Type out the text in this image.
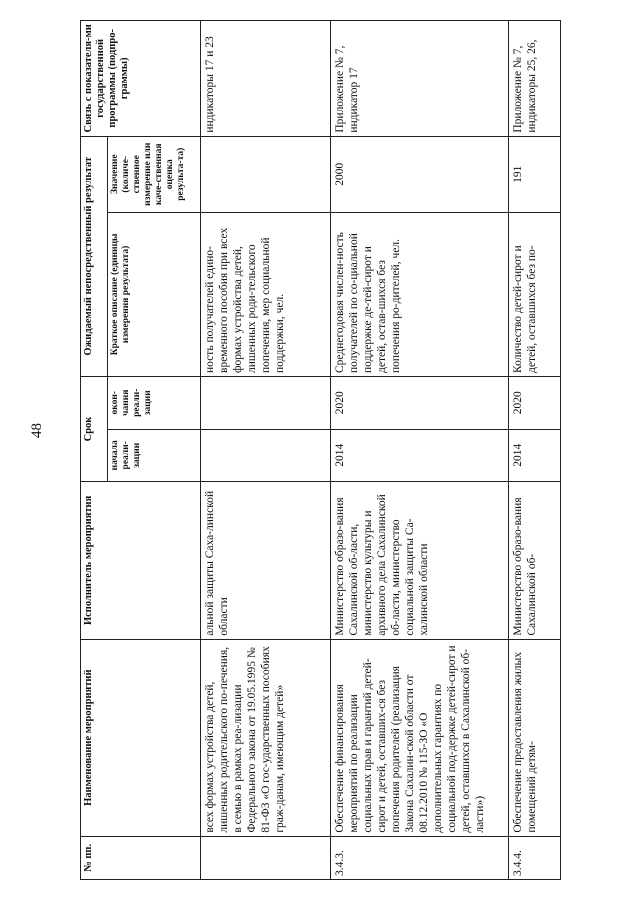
48
№ пп.	Наименование мероприятий	Исполнитель мероприятия	Срок		Ожидаемый непосредственный результат		Связь с показателя-ми государственной программы (подпро-граммы)
			начала реали-зации	окон-чания реали-зации	Краткое описание (единицы измерения результата)	Значение (количе-ственное измерение или каче-ственная оценка результа-та)	
	всех формах устройства детей, лишенных родительского по-печения, в семью в рамках реа-лизации Федерального закона от 19.05.1995 № 81-ФЗ «О гос-ударственных пособиях граж-данам, имеющим детей»	альной защиты Саха-линской области			ность получателей едино-временного пособия при всех формах устройства детей, лишенных роди-тельского попечения, мер социальной поддержки, чел.		индикаторы 17 и 23
3.4.3.	Обеспечение финансирования мероприятий по реализации социальных прав и гарантий детей-сирот и детей, оставших-ся без попечения родителей (реализация Закона Сахалин-ской области от 08.12.2010 № 115-ЗО «О дополнительных гарантиях по социальной под-держке детей-сирот и детей, оставшихся в Сахалинской об-ласти»)	Министерство образо-вания Сахалинской об-ласти, министерство культуры и архивного дела Сахалинской об-ласти, министерство социальной защиты Са-халинской области	2014	2020	Среднегодовая числен-ность получателей по со-циальной поддержке де-тей-сирот и детей, остав-шихся без попечения ро-дителей, чел.	2000	Приложение № 7, индикатор 17
3.4.4.	Обеспечение предоставления жилых помещений детям-	Министерство образо-вания Сахалинской об-	2014	2020	Количество детей-сирот и детей, оставшихся без по-	191	Приложение № 7, индикаторы 25, 26,
